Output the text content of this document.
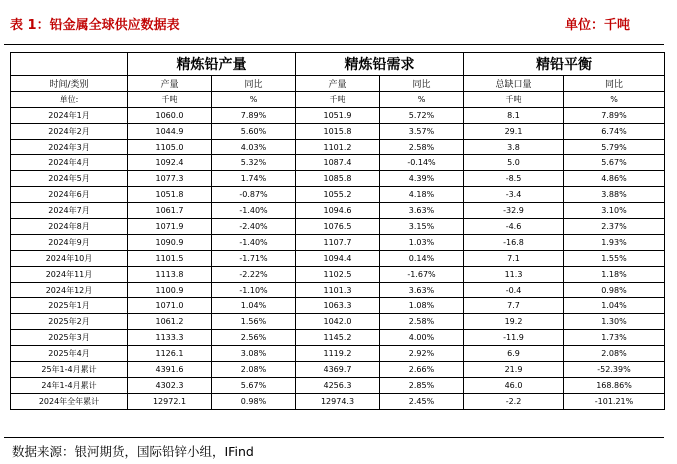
表 1：铅金属全球供应数据表	单位：千吨
	精炼铅产量		精炼铅需求		精铅平衡	
时间/类别	产量	同比	产量	同比	总缺口量	同比
单位:	千吨	%	千吨	%	千吨	%
2024年1月	1060.0	7.89%	1051.9	5.72%	8.1	7.89%
2024年2月	1044.9	5.60%	1015.8	3.57%	29.1	6.74%
2024年3月	1105.0	4.03%	1101.2	2.58%	3.8	5.79%
2024年4月	1092.4	5.32%	1087.4	-0.14%	5.0	5.67%
2024年5月	1077.3	1.74%	1085.8	4.39%	-8.5	4.86%
2024年6月	1051.8	-0.87%	1055.2	4.18%	-3.4	3.88%
2024年7月	1061.7	-1.40%	1094.6	3.63%	-32.9	3.10%
2024年8月	1071.9	-2.40%	1076.5	3.15%	-4.6	2.37%
2024年9月	1090.9	-1.40%	1107.7	1.03%	-16.8	1.93%
2024年10月	1101.5	-1.71%	1094.4	0.14%	7.1	1.55%
2024年11月	1113.8	-2.22%	1102.5	-1.67%	11.3	1.18%
2024年12月	1100.9	-1.10%	1101.3	3.63%	-0.4	0.98%
2025年1月	1071.0	1.04%	1063.3	1.08%	7.7	1.04%
2025年2月	1061.2	1.56%	1042.0	2.58%	19.2	1.30%
2025年3月	1133.3	2.56%	1145.2	4.00%	-11.9	1.73%
2025年4月	1126.1	3.08%	1119.2	2.92%	6.9	2.08%
25年1-4月累计	4391.6	2.08%	4369.7	2.66%	21.9	-52.39%
24年1-4月累计	4302.3	5.67%	4256.3	2.85%	46.0	168.86%
2024年全年累计	12972.1	0.98%	12974.3	2.45%	-2.2	-101.21%
数据来源：银河期货，国际铅锌小组，IFind
